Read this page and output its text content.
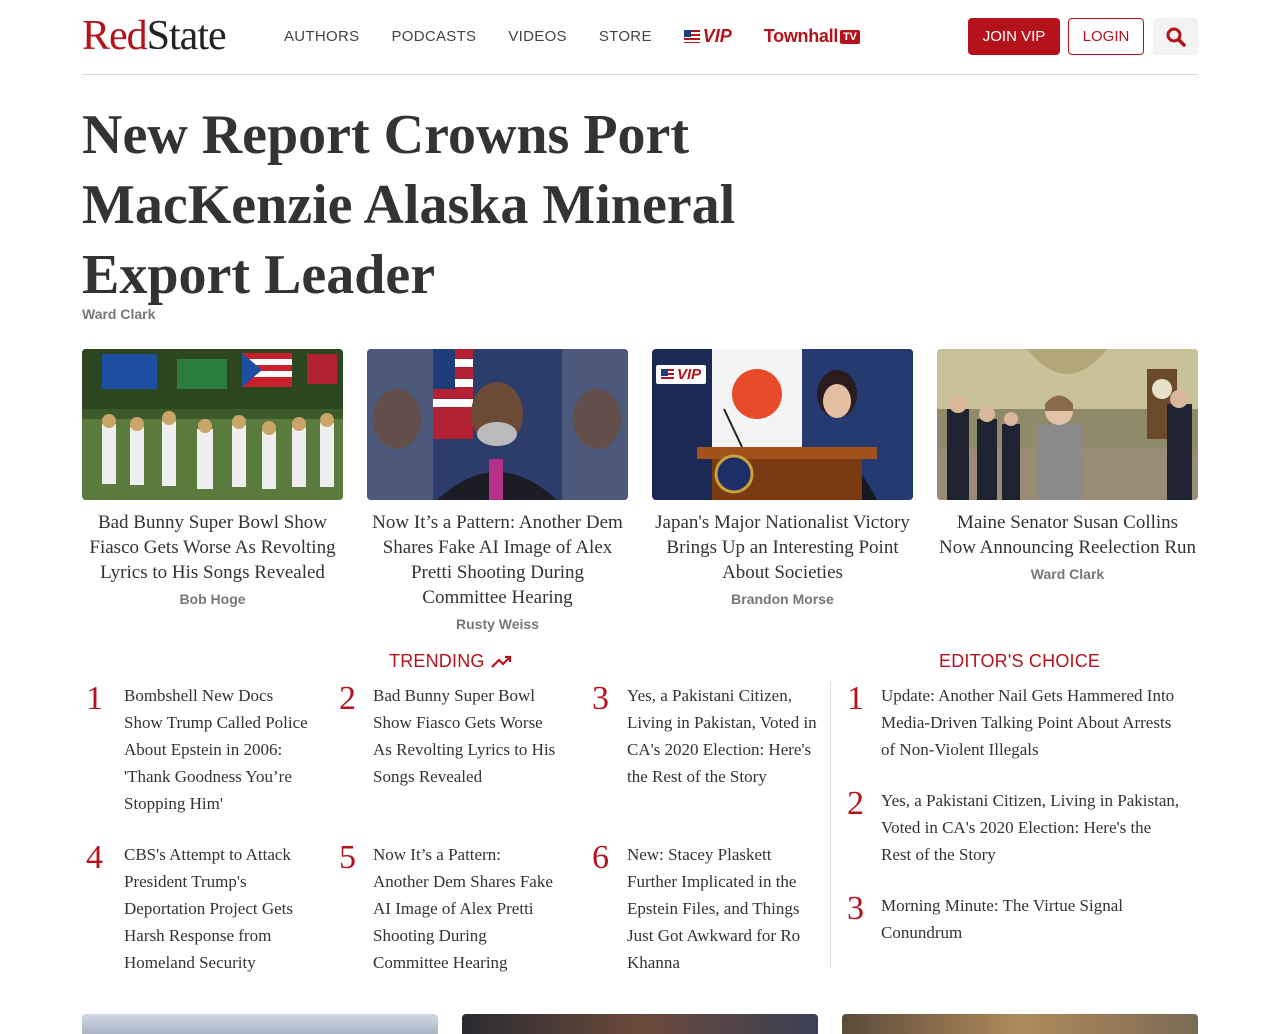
RedState	AUTHORS PODCASTS VIDEOS STORE	VIP Townhall TV	JOIN VIP	LOGIN
New Report Crowns Port MacKenzie Alaska Mineral Export Leader
Ward Clark
Bad Bunny Super Bowl Show Fiasco Gets Worse As Revolting Lyrics to His Songs Revealed
Bob Hoge
Now It’s a Pattern: Another Dem Shares Fake AI Image of Alex Pretti Shooting During Committee Hearing
Rusty Weiss
VIP
Japan's Major Nationalist Victory Brings Up an Interesting Point About Societies
Brandon Morse
Maine Senator Susan Collins Now Announcing Reelection Run
Ward Clark
TRENDING
1	Bombshell New Docs Show Trump Called Police About Epstein in 2006: 'Thank Goodness You’re Stopping Him'
2	Bad Bunny Super Bowl Show Fiasco Gets Worse As Revolting Lyrics to His Songs Revealed
3	Yes, a Pakistani Citizen, Living in Pakistan, Voted in CA's 2020 Election: Here's the Rest of the Story
4	CBS's Attempt to Attack President Trump's Deportation Project Gets Harsh Response from Homeland Security
5	Now It’s a Pattern: Another Dem Shares Fake AI Image of Alex Pretti Shooting During Committee Hearing
6	New: Stacey Plaskett Further Implicated in the Epstein Files, and Things Just Got Awkward for Ro Khanna
EDITOR'S CHOICE
1	Update: Another Nail Gets Hammered Into Media-Driven Talking Point About Arrests of Non-Violent Illegals
2	Yes, a Pakistani Citizen, Living in Pakistan, Voted in CA's 2020 Election: Here's the Rest of the Story
3	Morning Minute: The Virtue Signal Conundrum
